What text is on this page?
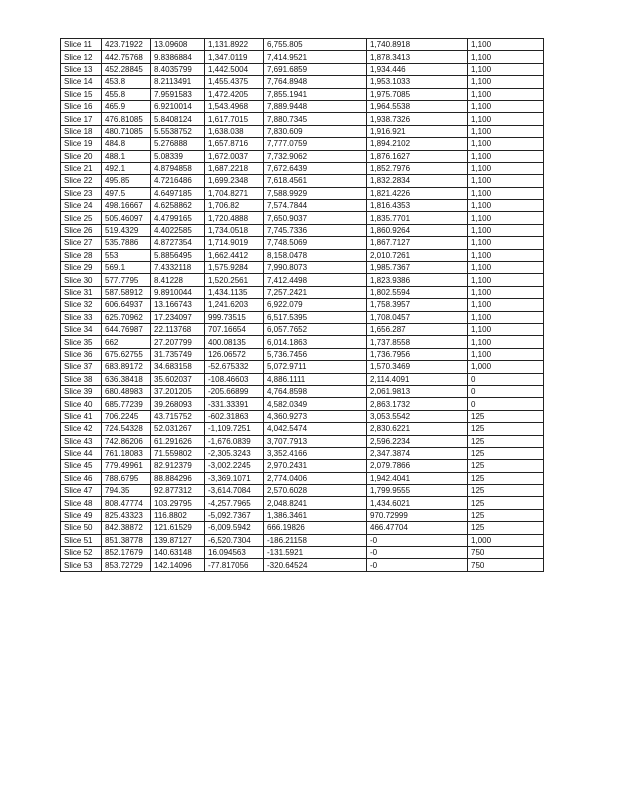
Slice 11	423.71922	13.09608	1,131.8922	6,755.805	1,740.8918	1,100
Slice 12	442.75768	9.8386884	1,347.0119	7,414.9521	1,878.3413	1,100
Slice 13	452.28845	8.4035799	1,442.5004	7,691.6859	1,934.446	1,100
Slice 14	453.8	8.2113491	1,455.4375	7,764.8948	1,953.1033	1,100
Slice 15	455.8	7.9591583	1,472.4205	7,855.1941	1,975.7085	1,100
Slice 16	465.9	6.9210014	1,543.4968	7,889.9448	1,964.5538	1,100
Slice 17	476.81085	5.8408124	1,617.7015	7,880.7345	1,938.7326	1,100
Slice 18	480.71085	5.5538752	1,638.038	7,830.609	1,916.921	1,100
Slice 19	484.8	5.276888	1,657.8716	7,777.0759	1,894.2102	1,100
Slice 20	488.1	5.08339	1,672.0037	7,732.9062	1,876.1627	1,100
Slice 21	492.1	4.8794858	1,687.2218	7,672.6439	1,852.7976	1,100
Slice 22	495.85	4.7216486	1,699.2348	7,618.4561	1,832.2834	1,100
Slice 23	497.5	4.6497185	1,704.8271	7,588.9929	1,821.4226	1,100
Slice 24	498.16667	4.6258862	1,706.82	7,574.7844	1,816.4353	1,100
Slice 25	505.46097	4.4799165	1,720.4888	7,650.9037	1,835.7701	1,100
Slice 26	519.4329	4.4022585	1,734.0518	7,745.7336	1,860.9264	1,100
Slice 27	535.7886	4.8727354	1,714.9019	7,748.5069	1,867.7127	1,100
Slice 28	553	5.8856495	1,662.4412	8,158.0478	2,010.7261	1,100
Slice 29	569.1	7.4332118	1,575.9284	7,990.8073	1,985.7367	1,100
Slice 30	577.7795	8.41228	1,520.2561	7,412.4498	1,823.9386	1,100
Slice 31	587.58912	9.8910044	1,434.1135	7,257.2421	1,802.5594	1,100
Slice 32	606.64937	13.166743	1,241.6203	6,922.079	1,758.3957	1,100
Slice 33	625.70962	17.234097	999.73515	6,517.5395	1,708.0457	1,100
Slice 34	644.76987	22.113768	707.16654	6,057.7652	1,656.287	1,100
Slice 35	662	27.207799	400.08135	6,014.1863	1,737.8558	1,100
Slice 36	675.62755	31.735749	126.06572	5,736.7456	1,736.7956	1,100
Slice 37	683.89172	34.683158	-52.675332	5,072.9711	1,570.3469	1,000
Slice 38	636.38418	35.602037	-108.46603	4,886.1111	2,114.4091	0
Slice 39	680.48983	37.201205	-205.66899	4,764.8598	2,061.9813	0
Slice 40	685.77239	39.268093	-331.33391	4,582.0349	2,863.1732	0
Slice 41	706.2245	43.715752	-602.31863	4,360.9273	3,053.5542	125
Slice 42	724.54328	52.031267	-1,109.7251	4,042.5474	2,830.6221	125
Slice 43	742.86206	61.291626	-1,676.0839	3,707.7913	2,596.2234	125
Slice 44	761.18083	71.559802	-2,305.3243	3,352.4166	2,347.3874	125
Slice 45	779.49961	82.912379	-3,002.2245	2,970.2431	2,079.7866	125
Slice 46	788.6795	88.884296	-3,369.1071	2,774.0406	1,942.4041	125
Slice 47	794.35	92.877312	-3,614.7084	2,570.6028	1,799.9555	125
Slice 48	808.47774	103.29795	-4,257.7965	2,048.8241	1,434.6021	125
Slice 49	825.43323	116.8802	-5,092.7367	1,386.3461	970.72999	125
Slice 50	842.38872	121.61529	-6,009.5942	666.19826	466.47704	125
Slice 51	851.38778	139.87127	-6,520.7304	-186.21158	-0	1,000
Slice 52	852.17679	140.63148	16.094563	-131.5921	-0	750
Slice 53	853.72729	142.14096	-77.817056	-320.64524	-0	750
